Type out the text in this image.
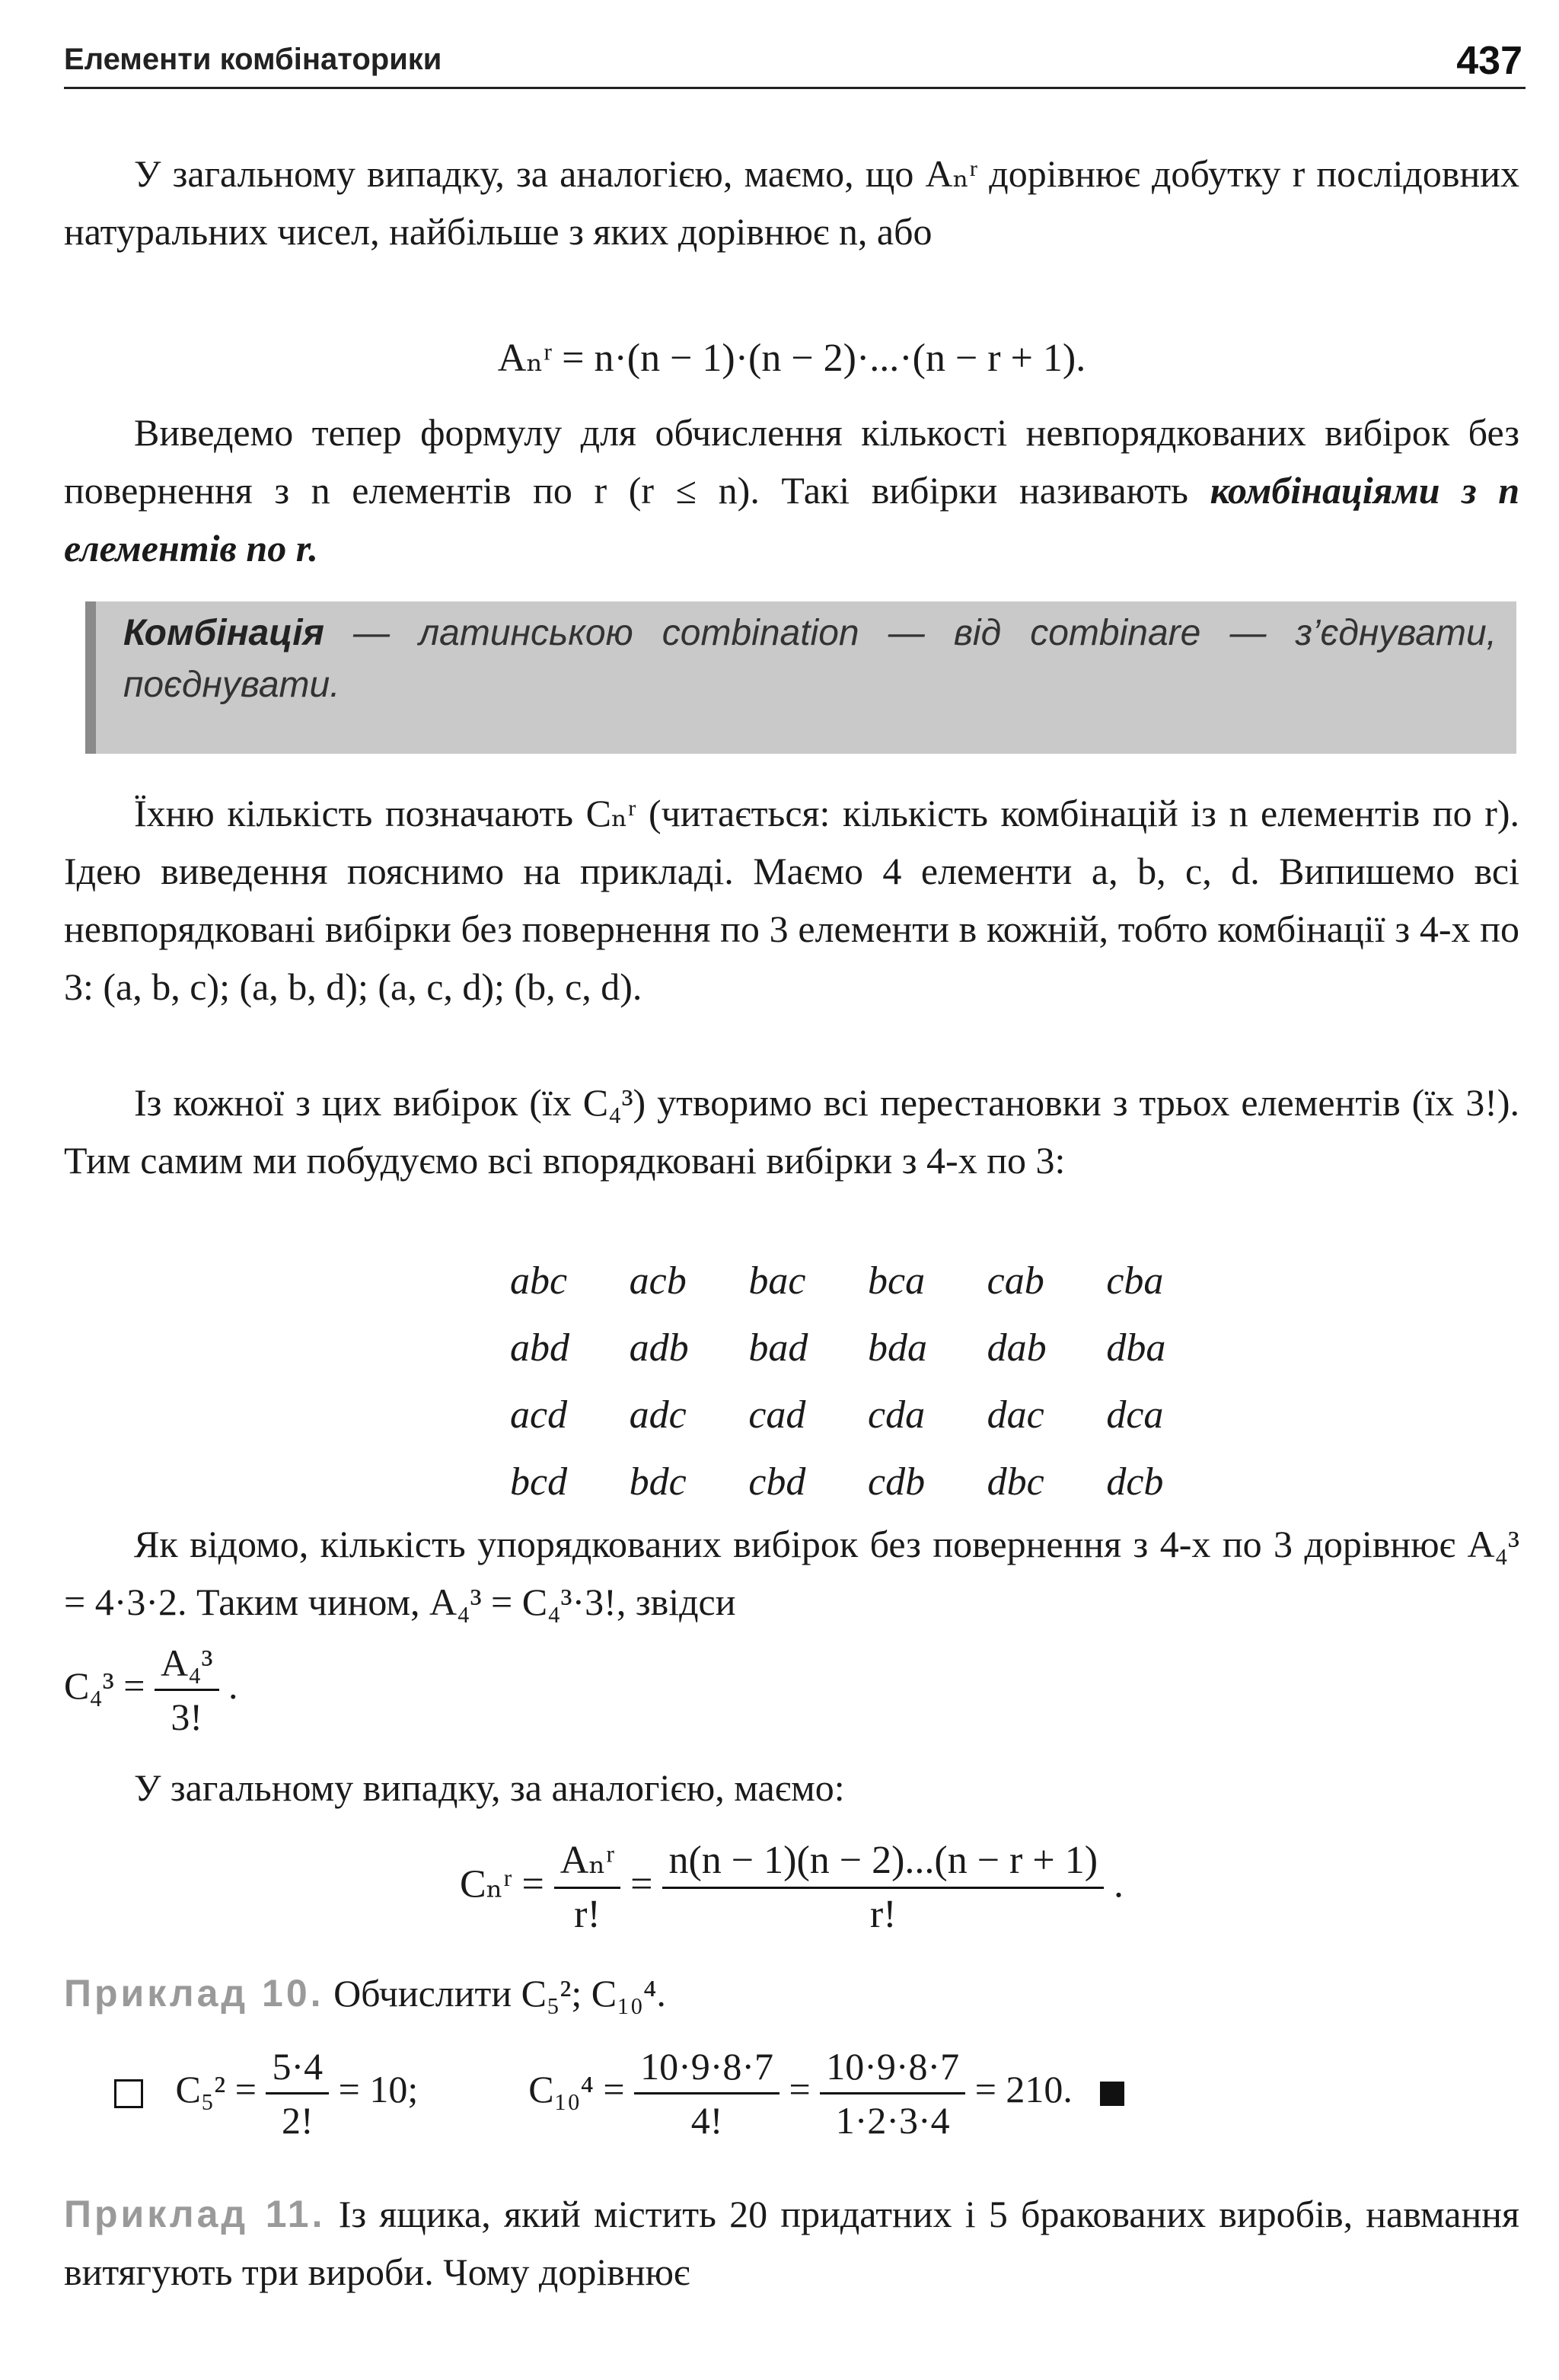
Елементи комбінаторики	437
У загальному випадку, за аналогією, маємо, що Aₙʳ дорівнює добутку r послідовних натуральних чисел, найбільше з яких дорівнює n, або
Aₙʳ = n·(n − 1)·(n − 2)·...·(n − r + 1).
Виведемо тепер формулу для обчислення кількості невпорядкованих вибірок без повернення з n елементів по r (r ≤ n). Такі вибірки називають комбінаціями з n елементів по r.
Комбінація — латинською combination — від combinare — з’єднувати, поєднувати.
Їхню кількість позначають Cₙʳ (читається: кількість комбінацій із n елементів по r). Ідею виведення пояснимо на прикладі. Маємо 4 елементи a, b, c, d. Випишемо всі невпорядковані вибірки без повернення по 3 елементи в кожній, тобто комбінації з 4-х по 3: (a, b, c); (a, b, d); (a, c, d); (b, c, d).
Із кожної з цих вибірок (їх C₄³) утворимо всі перестановки з трьох елементів (їх 3!). Тим самим ми побудуємо всі впорядковані вибірки з 4-х по 3:
abc	acb	bac	bca	cab	cba
abd	adb	bad	bda	dab	dba
acd	adc	cad	cda	dac	dca
bcd	bdc	cbd	cdb	dbc	dcb
Як відомо, кількість упорядкованих вибірок без повернення з 4-х по 3 дорівнює A₄³ = 4·3·2. Таким чином, A₄³ = C₄³·3!, звідси
$C_4^3 = \frac{\text{A₄³}}{3!}$ .
У загальному випадку, за аналогією, маємо:
Cₙʳ = $\frac{\text{Aₙʳ}}{r!} = \frac{n(n - 1)(n - 2)...(n - r + 1)}{r!}$ .
Приклад 10. Обчислити C₅²; C₁₀⁴.
$C_5^2 = \frac{5\cdot 4}{2!} = 10$;	$C_{10}^4 = \frac{10\cdot 9\cdot 8\cdot 7}{4!} = \frac{10\cdot 9\cdot 8\cdot 7}{1\cdot 2\cdot 3\cdot 4} = 210$.
Приклад 11. Із ящика, який містить 20 придатних і 5 бракованих виробів, навмання витягують три вироби. Чому дорівнює
